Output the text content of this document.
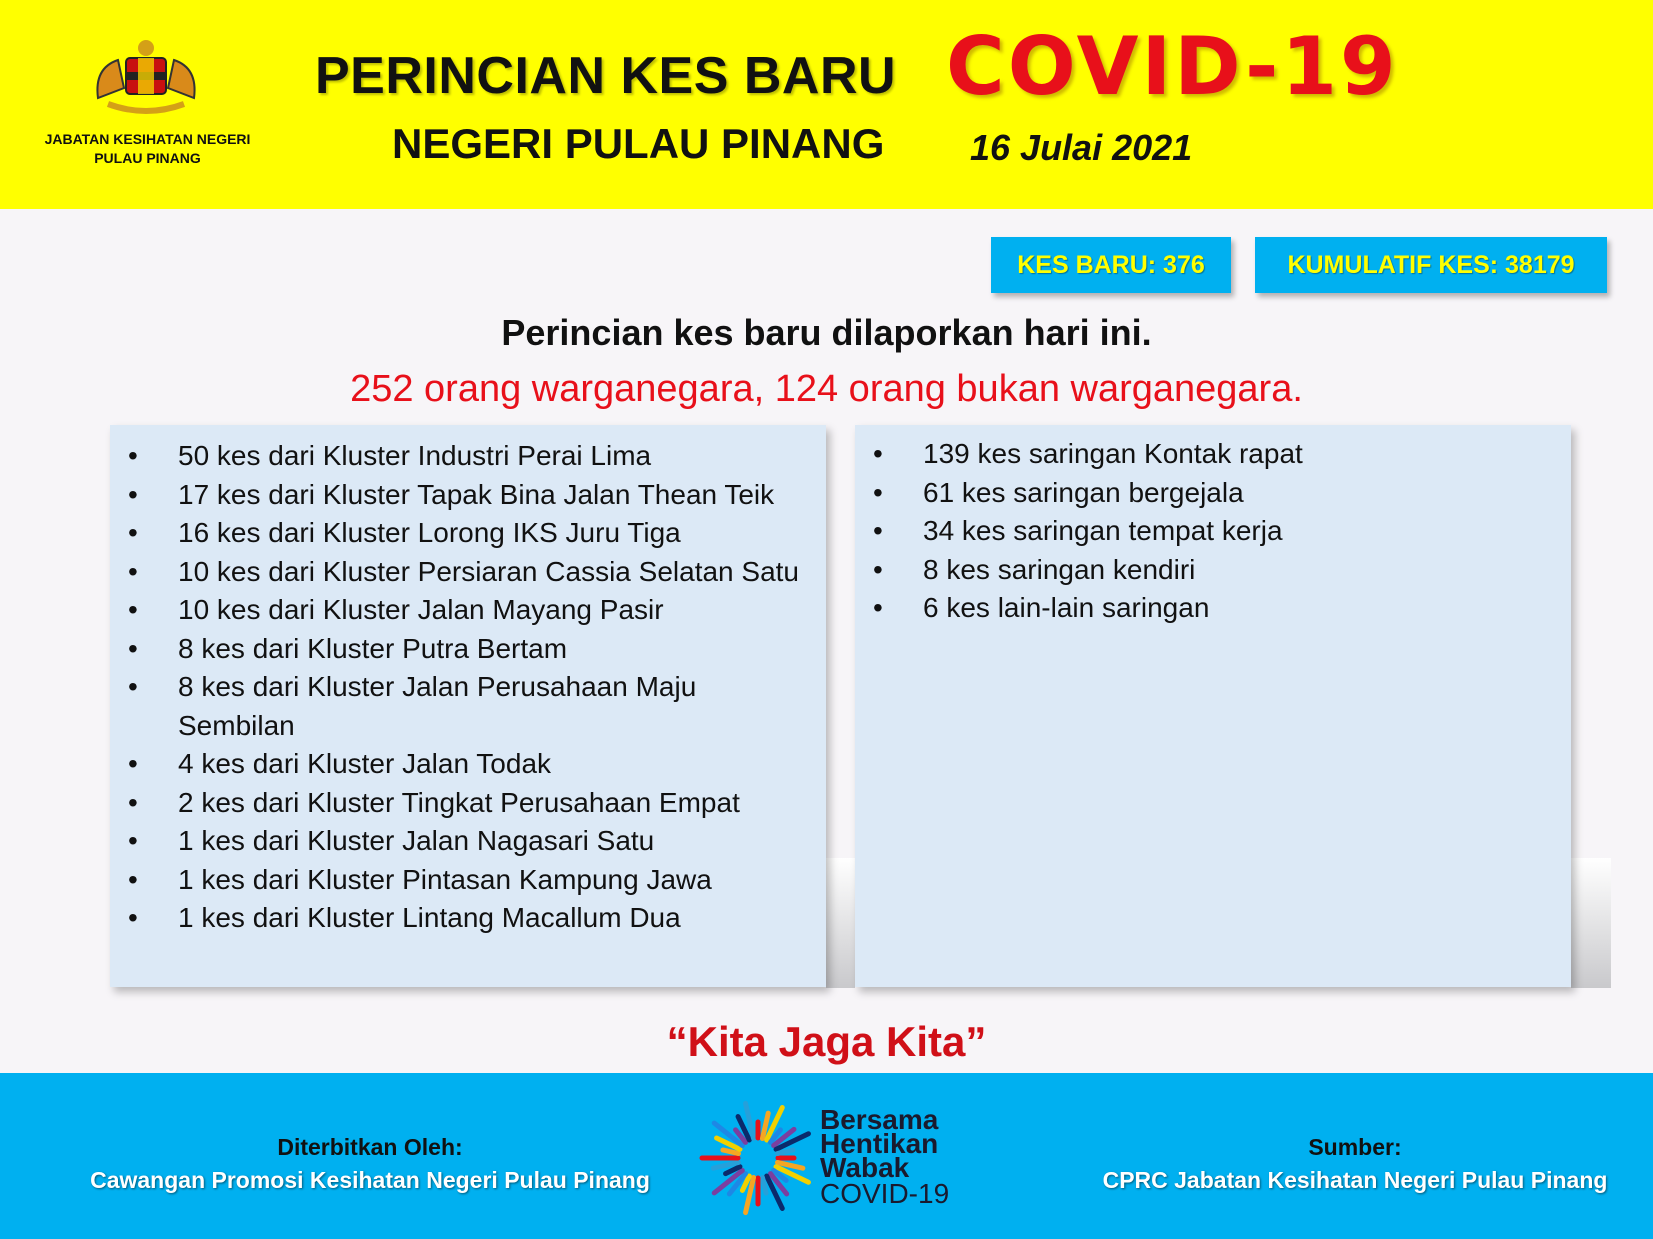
JABATAN KESIHATAN NEGERI
PULAU PINANG
PERINCIAN KES BARU COVID-19
NEGERI PULAU PINANG 16 Julai 2021
KES BARU: 376	KUMULATIF KES: 38179
Perincian kes baru dilaporkan hari ini.
252 orang warganegara, 124 orang bukan warganegara.
• 50 kes dari Kluster Industri Perai Lima
• 17 kes dari Kluster Tapak Bina Jalan Thean Teik
• 16 kes dari Kluster Lorong IKS Juru Tiga
• 10 kes dari Kluster Persiaran Cassia Selatan Satu
• 10 kes dari Kluster Jalan Mayang Pasir
• 8 kes dari Kluster Putra Bertam
• 8 kes dari Kluster Jalan Perusahaan Maju Sembilan
• 4 kes dari Kluster Jalan Todak
• 2 kes dari Kluster Tingkat Perusahaan Empat
• 1 kes dari Kluster Jalan Nagasari Satu
• 1 kes dari Kluster Pintasan Kampung Jawa
• 1 kes dari Kluster Lintang Macallum Dua
• 139 kes saringan Kontak rapat
• 61 kes saringan bergejala
• 34 kes saringan tempat kerja
• 8 kes saringan kendiri
• 6 kes lain-lain saringan
“Kita Jaga Kita”
Diterbitkan Oleh:
Cawangan Promosi Kesihatan Negeri Pulau Pinang
Sumber:
CPRC Jabatan Kesihatan Negeri Pulau Pinang
Bersama
Hentikan
Wabak
COVID-19
